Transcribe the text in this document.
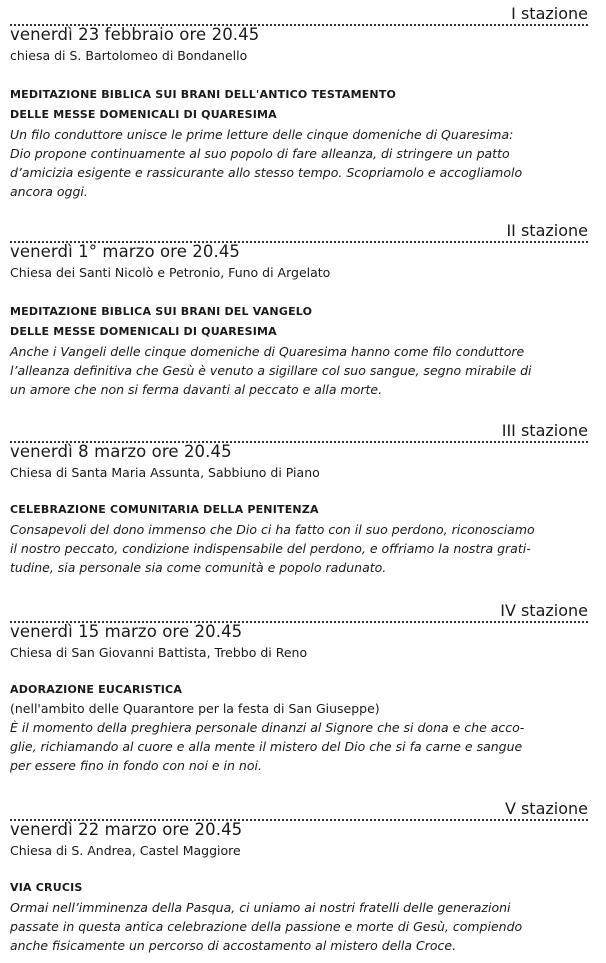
I stazione
venerdì 23 febbraio ore 20.45
chiesa di S. Bartolomeo di Bondanello
MEDITAZIONE BIBLICA SUI BRANI DELL'ANTICO TESTAMENTO
DELLE MESSE DOMENICALI DI QUARESIMA
Un filo conduttore unisce le prime letture delle cinque domeniche di Quaresima:
Dio propone continuamente al suo popolo di fare alleanza, di stringere un patto
d’amicizia esigente e rassicurante allo stesso tempo. Scopriamolo e accogliamolo
ancora oggi.
II stazione
venerdì 1° marzo ore 20.45
Chiesa dei Santi Nicolò e Petronio, Funo di Argelato
MEDITAZIONE BIBLICA SUI BRANI DEL VANGELO
DELLE MESSE DOMENICALI DI QUARESIMA
Anche i Vangeli delle cinque domeniche di Quaresima hanno come filo conduttore
l’alleanza definitiva che Gesù è venuto a sigillare col suo sangue, segno mirabile di
un amore che non si ferma davanti al peccato e alla morte.
III stazione
venerdì 8 marzo ore 20.45
Chiesa di Santa Maria Assunta, Sabbiuno di Piano
CELEBRAZIONE COMUNITARIA DELLA PENITENZA
Consapevoli del dono immenso che Dio ci ha fatto con il suo perdono, riconosciamo
il nostro peccato, condizione indispensabile del perdono, e offriamo la nostra grati-
tudine, sia personale sia come comunità e popolo radunato.
IV stazione
venerdì 15 marzo ore 20.45
Chiesa di San Giovanni Battista, Trebbo di Reno
ADORAZIONE EUCARISTICA
(nell'ambito delle Quarantore per la festa di San Giuseppe)
È il momento della preghiera personale dinanzi al Signore che si dona e che acco-
glie, richiamando al cuore e alla mente il mistero del Dio che si fa carne e sangue
per essere fino in fondo con noi e in noi.
V stazione
venerdì 22 marzo ore 20.45
Chiesa di S. Andrea, Castel Maggiore
VIA CRUCIS
Ormai nell’imminenza della Pasqua, ci uniamo ai nostri fratelli delle generazioni
passate in questa antica celebrazione della passione e morte di Gesù, compiendo
anche fisicamente un percorso di accostamento al mistero della Croce.
